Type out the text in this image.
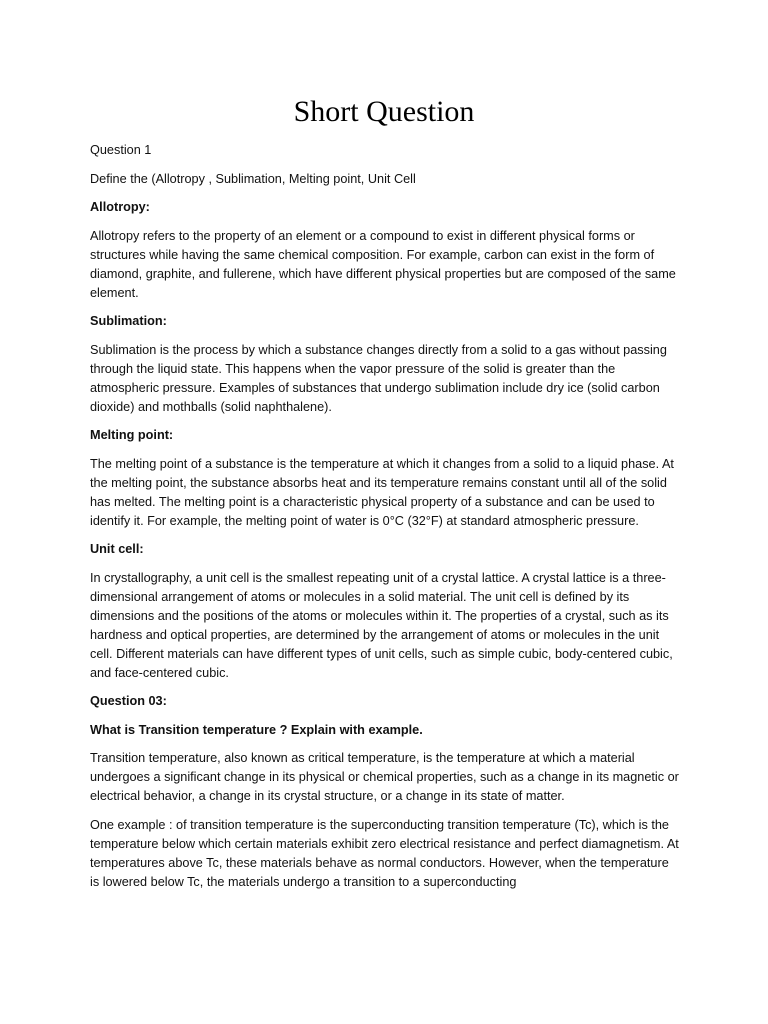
Short Question

Question 1

Define the (Allotropy , Sublimation, Melting point, Unit Cell

Allotropy:

Allotropy refers to the property of an element or a compound to exist in different physical forms or structures while having the same chemical composition. For example, carbon can exist in the form of diamond, graphite, and fullerene, which have different physical properties but are composed of the same element.

Sublimation:

Sublimation is the process by which a substance changes directly from a solid to a gas without passing through the liquid state. This happens when the vapor pressure of the solid is greater than the atmospheric pressure. Examples of substances that undergo sublimation include dry ice (solid carbon dioxide) and mothballs (solid naphthalene).

Melting point:

The melting point of a substance is the temperature at which it changes from a solid to a liquid phase. At the melting point, the substance absorbs heat and its temperature remains constant until all of the solid has melted. The melting point is a characteristic physical property of a substance and can be used to identify it. For example, the melting point of water is 0°C (32°F) at standard atmospheric pressure.

Unit cell:

In crystallography, a unit cell is the smallest repeating unit of a crystal lattice. A crystal lattice is a three-dimensional arrangement of atoms or molecules in a solid material. The unit cell is defined by its dimensions and the positions of the atoms or molecules within it. The properties of a crystal, such as its hardness and optical properties, are determined by the arrangement of atoms or molecules in the unit cell. Different materials can have different types of unit cells, such as simple cubic, body-centered cubic, and face-centered cubic.

Question 03:

What is Transition temperature ? Explain with example.

Transition temperature, also known as critical temperature, is the temperature at which a material undergoes a significant change in its physical or chemical properties, such as a change in its magnetic or electrical behavior, a change in its crystal structure, or a change in its state of matter.

One example : of transition temperature is the superconducting transition temperature (Tc), which is the temperature below which certain materials exhibit zero electrical resistance and perfect diamagnetism. At temperatures above Tc, these materials behave as normal conductors. However, when the temperature is lowered below Tc, the materials undergo a transition to a superconducting
